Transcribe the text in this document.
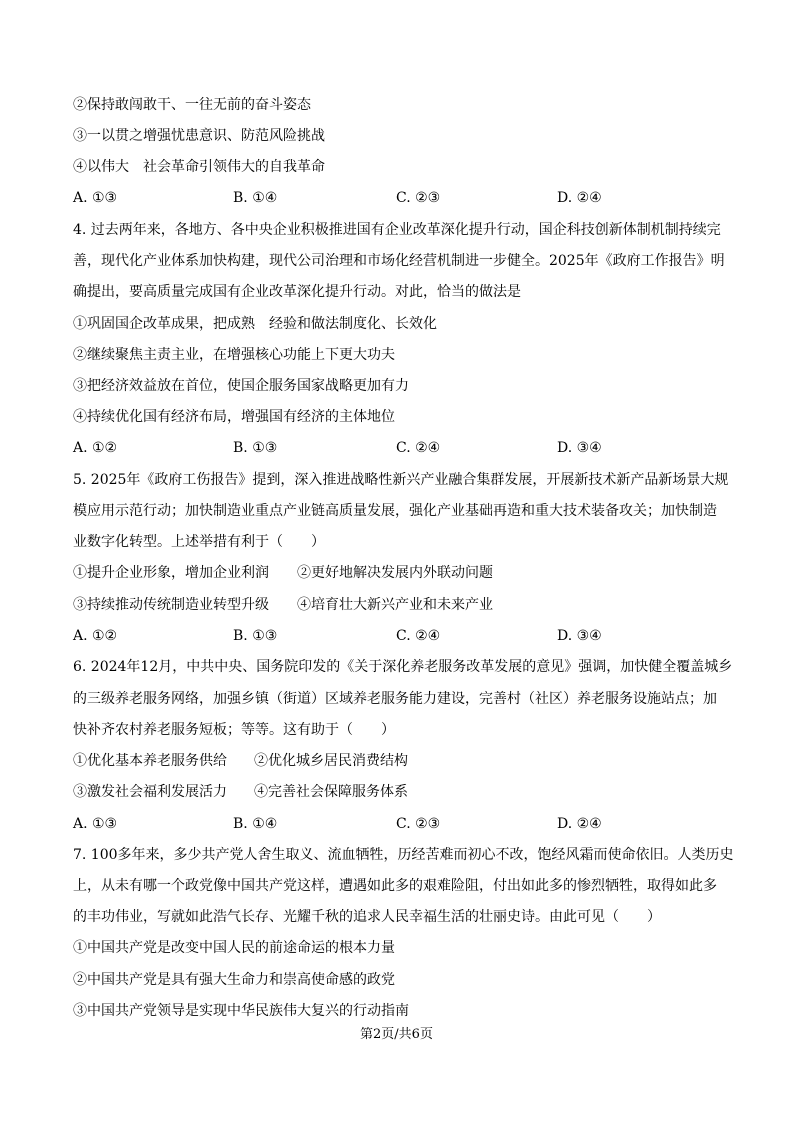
②保持敢闯敢干、一往无前的奋斗姿态
③一以贯之增强忧患意识、防范风险挑战
④以伟大　社会革命引领伟大的自我革命
A. ①③	B. ①④	C. ②③	D. ②④
4. 过去两年来，各地方、各中央企业积极推进国有企业改革深化提升行动，国企科技创新体制机制持续完
善，现代化产业体系加快构建，现代公司治理和市场化经营机制进一步健全。2025年《政府工作报告》明
确提出，要高质量完成国有企业改革深化提升行动。对此，恰当的做法是
①巩固国企改革成果，把成熟　经验和做法制度化、长效化
②继续聚焦主责主业，在增强核心功能上下更大功夫
③把经济效益放在首位，使国企服务国家战略更加有力
④持续优化国有经济布局，增强国有经济的主体地位
A. ①②	B. ①③	C. ②④	D. ③④
5. 2025年《政府工伤报告》提到，深入推进战略性新兴产业融合集群发展，开展新技术新产品新场景大规
模应用示范行动；加快制造业重点产业链高质量发展，强化产业基础再造和重大技术装备攻关；加快制造
业数字化转型。上述举措有利于（　　）
①提升企业形象，增加企业利润 ②更好地解决发展内外联动问题
③持续推动传统制造业转型升级 ④培育壮大新兴产业和未来产业
A. ①②	B. ①③	C. ②④	D. ③④
6. 2024年12月，中共中央、国务院印发的《关于深化养老服务改革发展的意见》强调，加快健全覆盖城乡
的三级养老服务网络，加强乡镇（街道）区域养老服务能力建设，完善村（社区）养老服务设施站点；加
快补齐农村养老服务短板；等等。这有助于（　　）
①优化基本养老服务供给 ②优化城乡居民消费结构
③激发社会福利发展活力 ④完善社会保障服务体系
A. ①③	B. ①④	C. ②③	D. ②④
7. 100多年来，多少共产党人舍生取义、流血牺牲，历经苦难而初心不改，饱经风霜而使命依旧。人类历史
上，从未有哪一个政党像中国共产党这样，遭遇如此多的艰难险阻，付出如此多的惨烈牺牲，取得如此多
的丰功伟业，写就如此浩气长存、光耀千秋的追求人民幸福生活的壮丽史诗。由此可见（　　）
①中国共产党是改变中国人民的前途命运的根本力量
②中国共产党是具有强大生命力和崇高使命感的政党
③中国共产党领导是实现中华民族伟大复兴的行动指南
第2页/共6页
